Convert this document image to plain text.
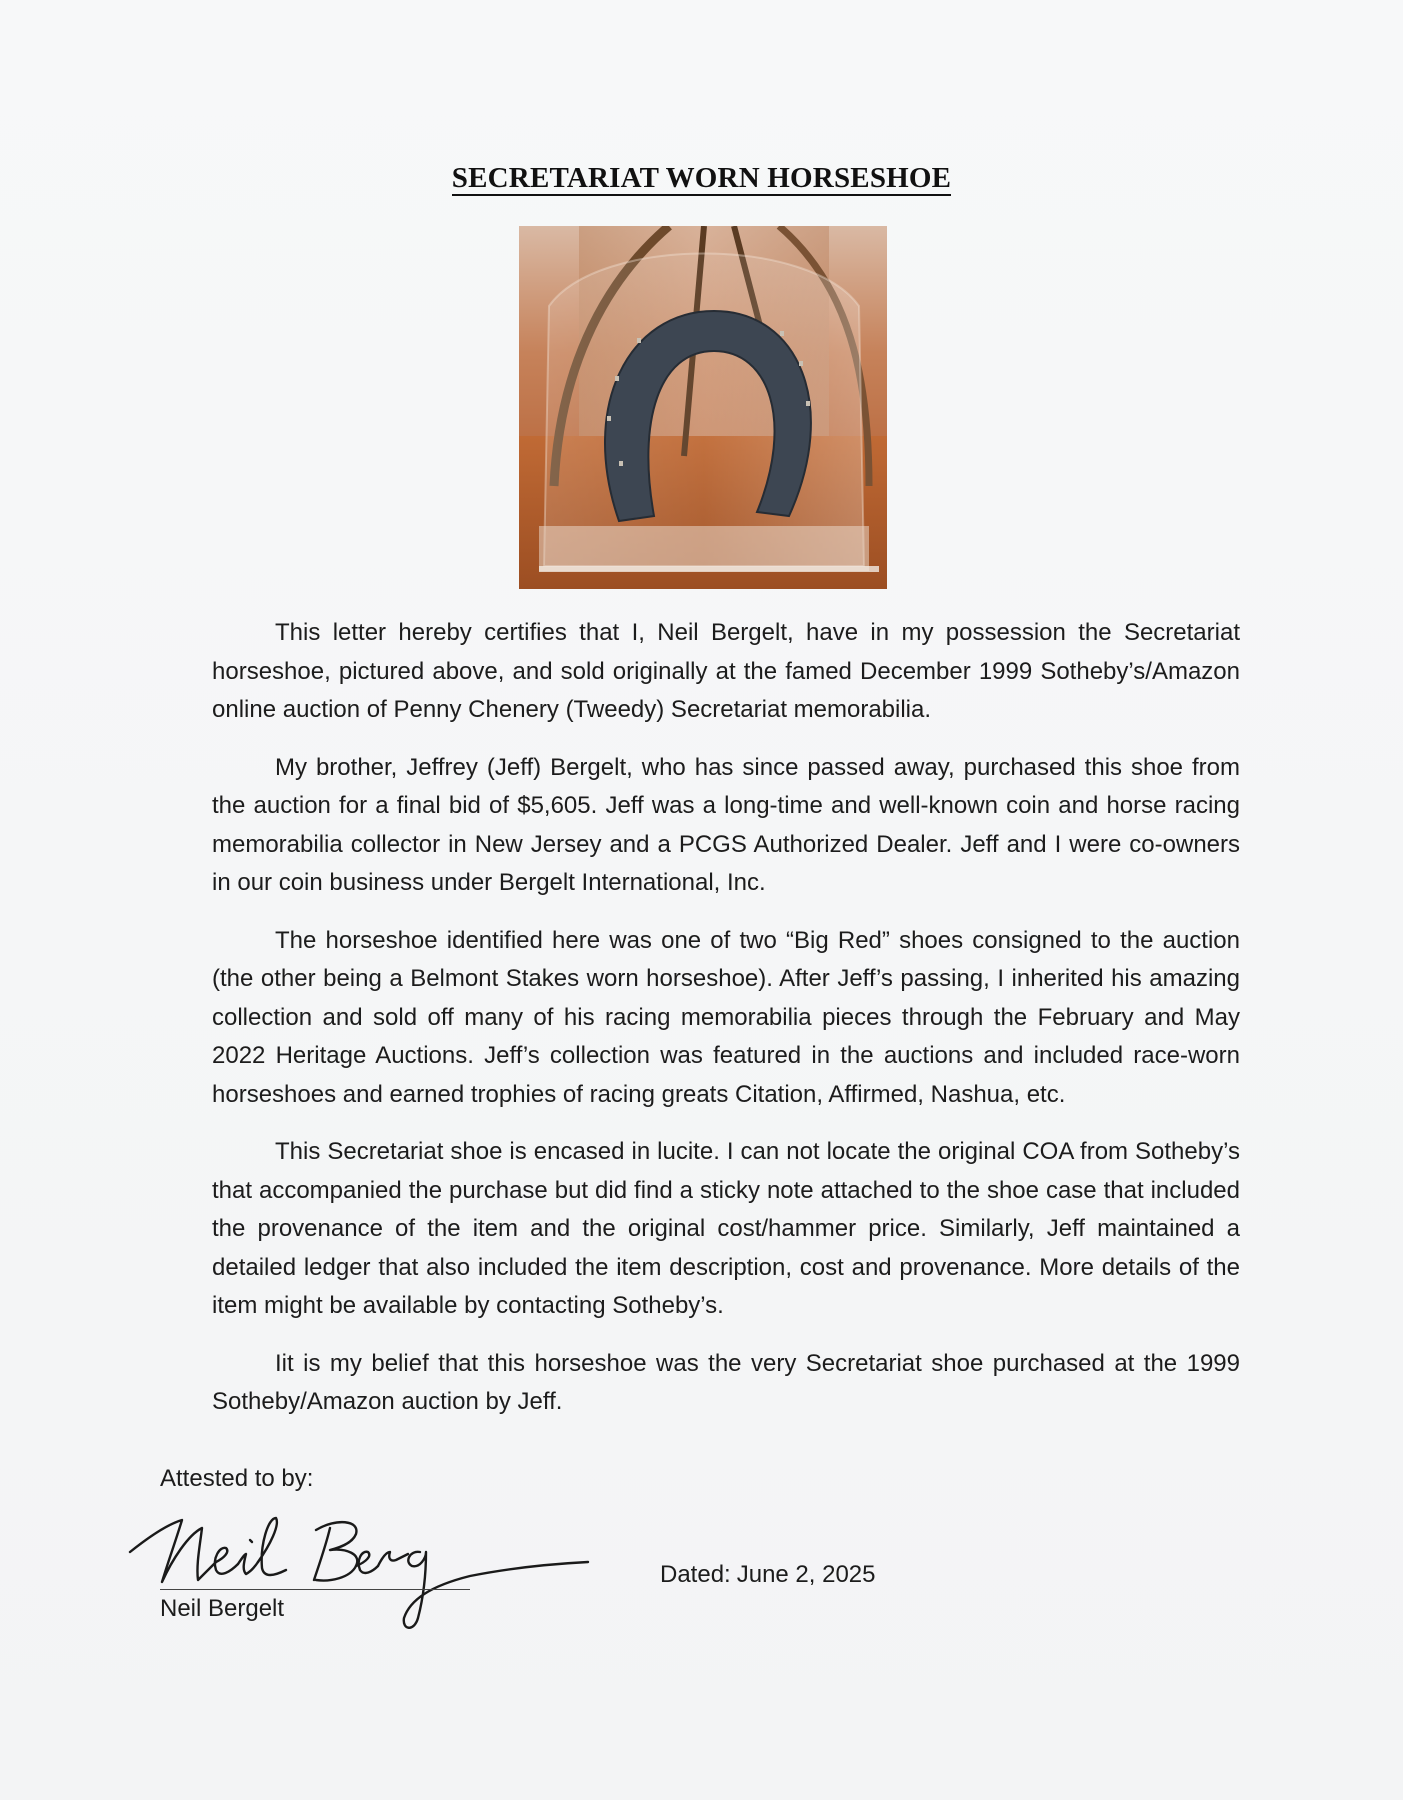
SECRETARIAT WORN HORSESHOE

This letter hereby certifies that I, Neil Bergelt, have in my possession the Secretariat horseshoe, pictured above, and sold originally at the famed December 1999 Sotheby’s/Amazon online auction of Penny Chenery (Tweedy) Secretariat memorabilia.

My brother, Jeffrey (Jeff) Bergelt, who has since passed away, purchased this shoe from the auction for a final bid of $5,605. Jeff was a long-time and well-known coin and horse racing memorabilia collector in New Jersey and a PCGS Authorized Dealer. Jeff and I were co-owners in our coin business under Bergelt International, Inc.

The horseshoe identified here was one of two “Big Red” shoes consigned to the auction (the other being a Belmont Stakes worn horseshoe). After Jeff’s passing, I inherited his amazing collection and sold off many of his racing memorabilia pieces through the February and May 2022 Heritage Auctions. Jeff’s collection was featured in the auctions and included race-worn horseshoes and earned trophies of racing greats Citation, Affirmed, Nashua, etc.

This Secretariat shoe is encased in lucite. I can not locate the original COA from Sotheby’s that accompanied the purchase but did find a sticky note attached to the shoe case that included the provenance of the item and the original cost/hammer price. Similarly, Jeff maintained a detailed ledger that also included the item description, cost and provenance. More details of the item might be available by contacting Sotheby’s.

Iit is my belief that this horseshoe was the very Secretariat shoe purchased at the 1999 Sotheby/Amazon auction by Jeff.

Attested to by:
Neil Bergelt
Dated: June 2, 2025
